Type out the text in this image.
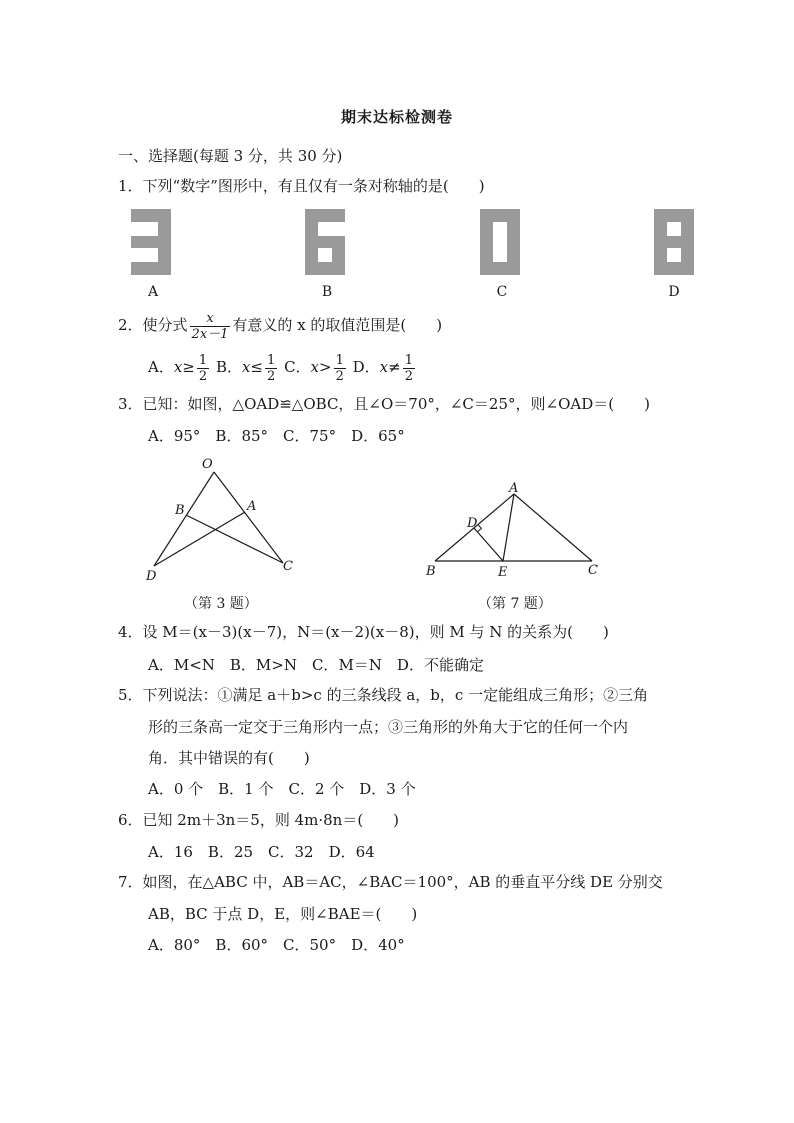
期末达标检测卷
一、选择题(每题 3 分，共 30 分)
1．下列“数字”图形中，有且仅有一条对称轴的是(　　)
A	B	C	D
2．使分式 $\frac{x}{2x-1}$ 有意义的 x 的取值范围是(　　)
A．$x\ge \frac{1}{2}$ B．$x\le \frac{1}{2}$ C．$x> \frac{1}{2}$ D．$x\ne \frac{1}{2}$
3．已知：如图，△OAD≌△OBC，且∠O＝70°，∠C＝25°，则∠OAD＝(　　)
A．95°　B．85°　C．75°　D．65°
O
A
B
C
D
A
B	C
D
E
（第 3 题）	（第 7 题）
4．设 M＝(x－3)(x－7)，N＝(x－2)(x－8)，则 M 与 N 的关系为(　　)
A．M<N　B．M>N　C．M＝N　D．不能确定
5．下列说法：①满足 a＋b>c 的三条线段 a，b，c 一定能组成三角形；②三角
形的三条高一定交于三角形内一点；③三角形的外角大于它的任何一个内
角．其中错误的有(　　)
A．0 个　B．1 个　C．2 个　D．3 个
6．已知 2m＋3n＝5，则 4m·8n＝(　　)
A．16　B．25　C．32　D．64
7．如图，在△ABC 中，AB＝AC，∠BAC＝100°，AB 的垂直平分线 DE 分别交
AB，BC 于点 D，E，则∠BAE＝(　　)
A．80°　B．60°　C．50°　D．40°
